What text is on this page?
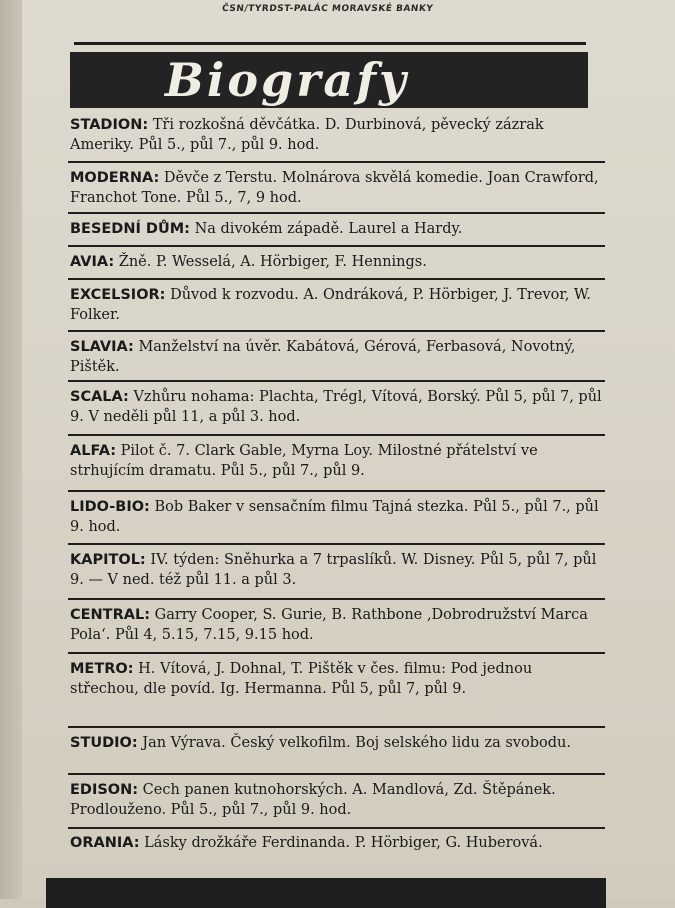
ČSN/TYRDST-PALÁC MORAVSKÉ BANKY
Biografy
STADION: Tři rozkošná děvčátka. D. Durbinová, pěvecký zázrak Ameriky. Půl 5., půl 7., půl 9. hod.
MODERNA: Děvče z Terstu. Molnárova skvělá komedie. Joan Crawford, Franchot Tone. Půl 5., 7, 9 hod.
BESEDNÍ DŮM: Na divokém západě. Laurel a Hardy.
AVIA: Žně. P. Wesselá, A. Hörbiger, F. Hennings.
EXCELSIOR: Důvod k rozvodu. A. Ondráková, P. Hörbiger, J. Trevor, W. Folker.
SLAVIA: Manželství na úvěr. Kabátová, Gérová, Ferbasová, Novotný, Pištěk.
SCALA: Vzhůru nohama: Plachta, Trégl, Vítová, Borský. Půl 5, půl 7, půl 9. V neděli půl 11, a půl 3. hod.
ALFA: Pilot č. 7. Clark Gable, Myrna Loy. Milostné přátelství ve strhujícím dramatu. Půl 5., půl 7., půl 9.
LIDO-BIO: Bob Baker v sensačním filmu Tajná stezka. Půl 5., půl 7., půl 9. hod.
KAPITOL: IV. týden: Sněhurka a 7 trpaslíků. W. Disney. Půl 5, půl 7, půl 9. — V ned. též půl 11. a půl 3.
CENTRAL: Garry Cooper, S. Gurie, B. Rathbone ‚Dobrodružství Marca Pola‘. Půl 4, 5.15, 7.15, 9.15 hod.
METRO: H. Vítová, J. Dohnal, T. Pištěk v čes. filmu: Pod jednou střechou, dle povíd. Ig. Hermanna. Půl 5, půl 7, půl 9.
STUDIO: Jan Výrava. Český velkofilm. Boj selského lidu za svobodu.
EDISON: Cech panen kutnohorských. A. Mandlová, Zd. Štěpánek. Prodlouženo. Půl 5., půl 7., půl 9. hod.
ORANIA: Lásky drožkáře Ferdinanda. P. Hörbiger, G. Huberová.
